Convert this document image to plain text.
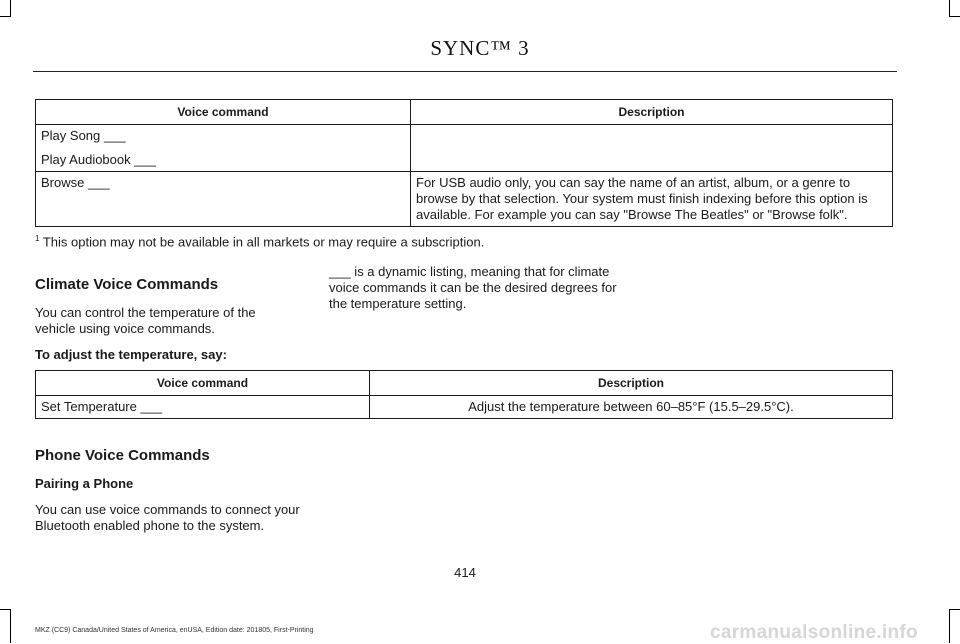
SYNC™ 3
Voice command	Description

Play Song ___

Play Audiobook ___	

Browse ___	For USB audio only, you can say the name of an artist, album, or a genre to browse by that selection. Your system must finish indexing before this option is available. For example you can say "Browse The Beatles" or "Browse folk".
$^1$ This option may not be available in all markets or may require a subscription.
Climate Voice Commands

You can control the temperature of the vehicle using voice commands.

___ is a dynamic listing, meaning that for climate voice commands it can be the desired degrees for the temperature setting.

To adjust the temperature, say:

Voice command	Description
Set Temperature ___	Adjust the temperature between 60–85°F (15.5–29.5°C).
Phone Voice Commands

Pairing a Phone

You can use voice commands to connect your Bluetooth enabled phone to the system.

414
MKZ (CC9) Canada/United States of America, enUSA, Edition date: 201805, First-Printing	carmanualsonline.info
